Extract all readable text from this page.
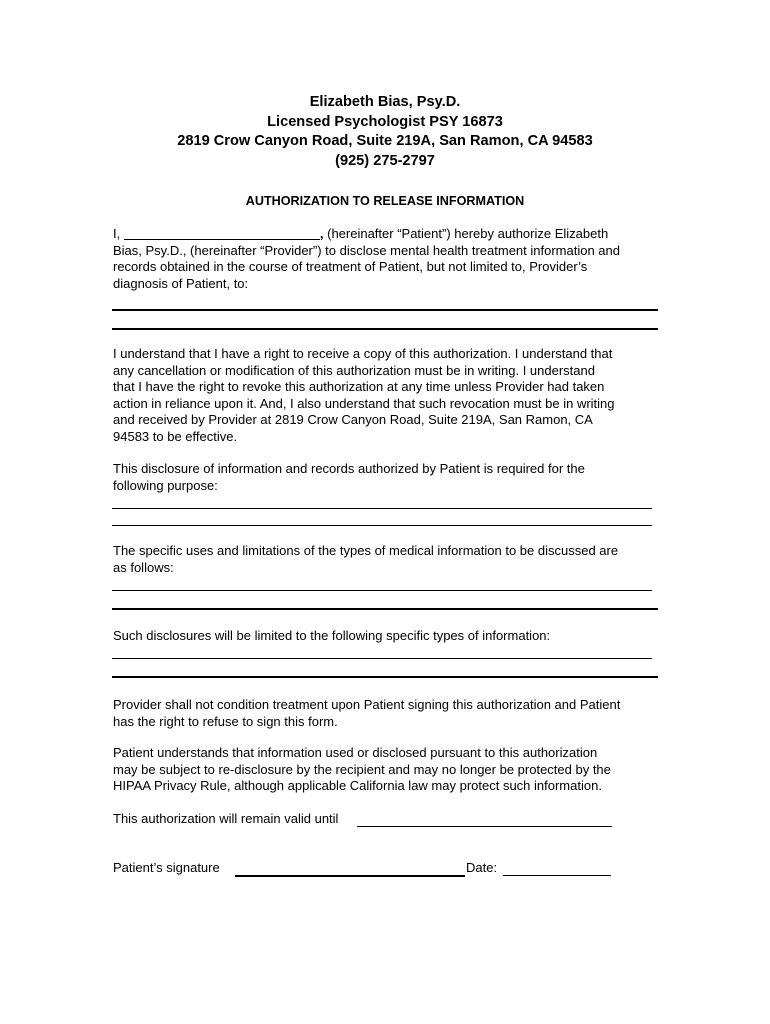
Elizabeth Bias, Psy.D.
Licensed Psychologist PSY 16873
2819 Crow Canyon Road, Suite 219A, San Ramon, CA 94583
(925) 275-2797
AUTHORIZATION TO RELEASE INFORMATION

I,	, (hereinafter “Patient”) hereby authorize Elizabeth

Bias, Psy.D., (hereinafter “Provider”) to disclose mental health treatment information and

records obtained in the course of treatment of Patient, but not limited to, Provider’s

diagnosis of Patient, to:

I understand that I have a right to receive a copy of this authorization. I understand that

any cancellation or modification of this authorization must be in writing. I understand

that I have the right to revoke this authorization at any time unless Provider had taken

action in reliance upon it. And, I also understand that such revocation must be in writing

and received by Provider at 2819 Crow Canyon Road, Suite 219A, San Ramon, CA

94583 to be effective.

This disclosure of information and records authorized by Patient is required for the

following purpose:

The specific uses and limitations of the types of medical information to be discussed are

as follows:

Such disclosures will be limited to the following specific types of information:

Provider shall not condition treatment upon Patient signing this authorization and Patient

has the right to refuse to sign this form.

Patient understands that information used or disclosed pursuant to this authorization

may be subject to re-disclosure by the recipient and may no longer be protected by the

HIPAA Privacy Rule, although applicable California law may protect such information.

This authorization will remain valid until
Patient’s signature	Date:
